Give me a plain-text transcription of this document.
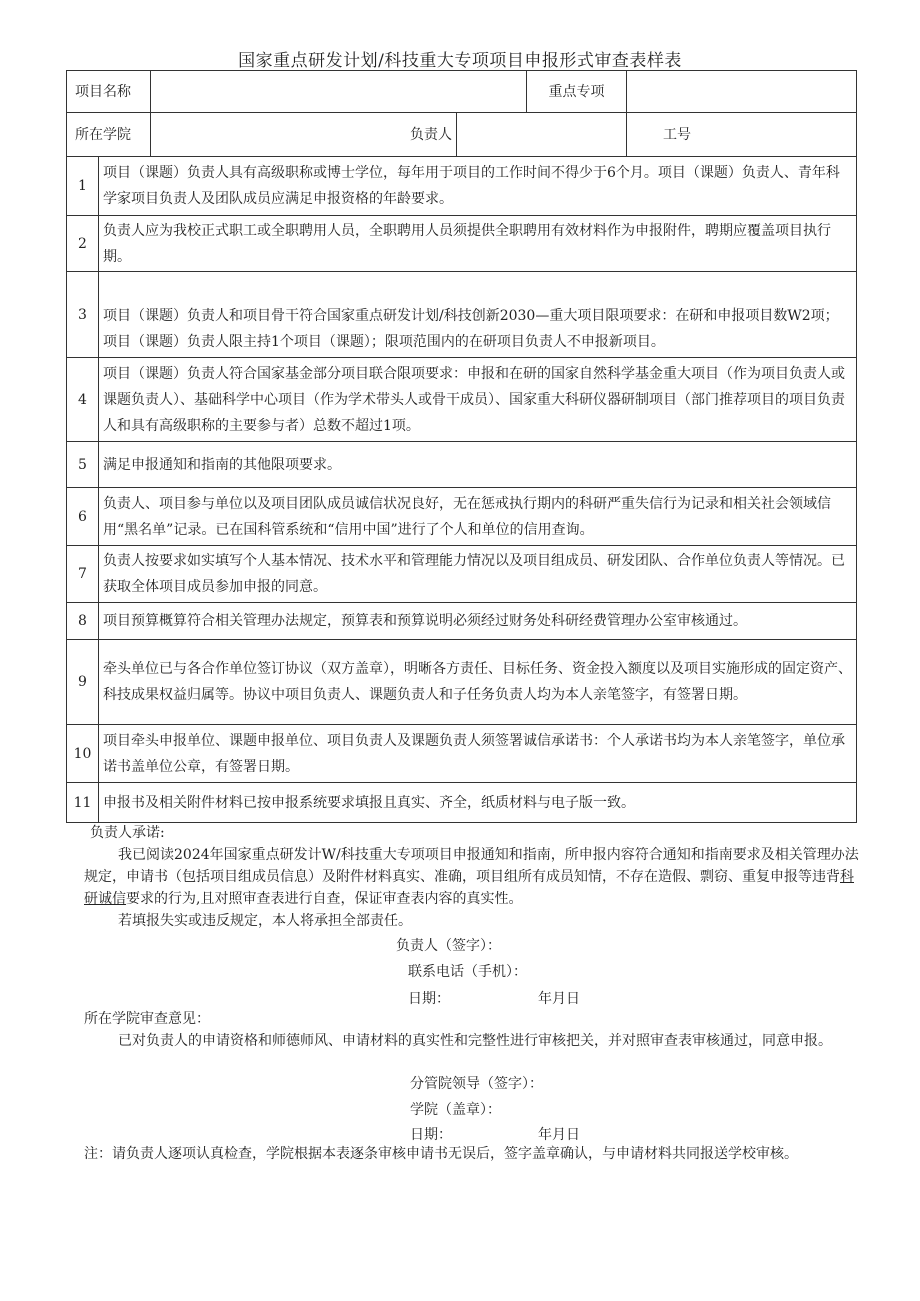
国家重点研发计划/科技重大专项项目申报形式审查表样表
项目名称				重点专项	
所在学院		负责人			工号
1	项目（课题）负责人具有高级职称或博士学位，每年用于项目的工作时间不得少于6个月。项目（课题）负责人、青年科学家项目负责人及团队成员应满足申报资格的年龄要求。				
2	负责人应为我校正式职工或全职聘用人员，全职聘用人员须提供全职聘用有效材料作为申报附件，聘期应覆盖项目执行期。				
3	项目（课题）负责人和项目骨干符合国家重点研发计划/科技创新2030—重大项目限项要求：在研和申报项目数W2项；项目（课题）负责人限主持1个项目（课题）；限项范围内的在研项目负责人不申报新项目。				
4	项目（课题）负责人符合国家基金部分项目联合限项要求：申报和在研的国家自然科学基金重大项目（作为项目负责人或课题负责人）、基础科学中心项目（作为学术带头人或骨干成员）、国家重大科研仪器研制项目（部门推荐项目的项目负责人和具有高级职称的主要参与者）总数不超过1项。				
5	满足申报通知和指南的其他限项要求。				
6	负责人、项目参与单位以及项目团队成员诚信状况良好，无在惩戒执行期内的科研严重失信行为记录和相关社会领域信用“黑名单”记录。已在国科管系统和“信用中国”进行了个人和单位的信用查询。				
7	负责人按要求如实填写个人基本情况、技术水平和管理能力情况以及项目组成员、研发团队、合作单位负责人等情况。已获取全体项目成员参加申报的同意。				
8	项目预算概算符合相关管理办法规定，预算表和预算说明必须经过财务处科研经费管理办公室审核通过。				
9	牵头单位已与各合作单位签订协议（双方盖章），明晰各方责任、目标任务、资金投入额度以及项目实施形成的固定资产、科技成果权益归属等。协议中项目负责人、课题负责人和子任务负责人均为本人亲笔签字，有签署日期。				
10	项目牵头申报单位、课题申报单位、项目负责人及课题负责人须签署诚信承诺书：个人承诺书均为本人亲笔签字，单位承诺书盖单位公章，有签署日期。				
11	申报书及相关附件材料已按申报系统要求填报且真实、齐全，纸质材料与电子版一致。				

负责人承诺:

我已阅读2024年国家重点研发计W/科技重大专项项目申报通知和指南，所申报内容符合通知和指南要求及相关管理办法规定，申请书（包括项目组成员信息）及附件材料真实、准确，项目组所有成员知情，不存在造假、剽窃、重复申报等违背科研诚信要求的行为,且对照审查表进行自查，保证审查表内容的真实性。

若填报失实或违反规定，本人将承担全部责任。

负责人（签字）：
联系电话（手机）：
日期：	年月日
所在学院审查意见：
已对负责人的申请资格和师德师风、申请材料的真实性和完整性进行审核把关，并对照审查表审核通过，同意申报。
分管院领导（签字）：
学院（盖章）：
日期：	年月日
注：请负责人逐项认真检查，学院根据本表逐条审核申请书无误后，签字盖章确认，与申请材料共同报送学校审核。
